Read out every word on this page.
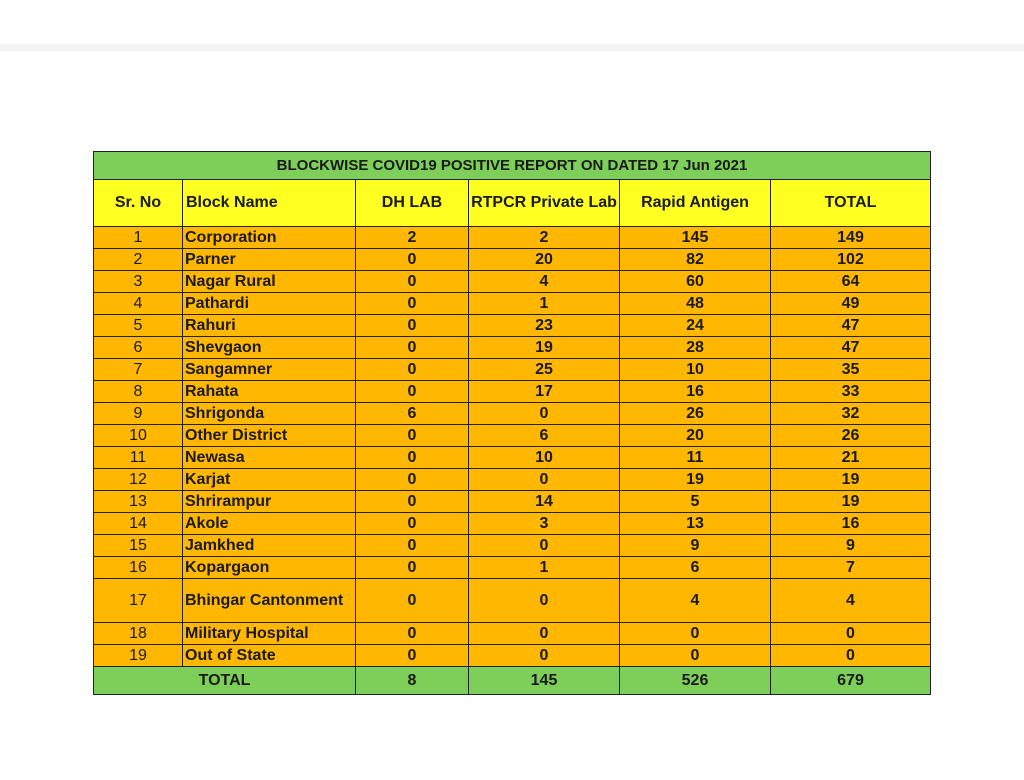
BLOCKWISE COVID19 POSITIVE REPORT ON DATED 17 Jun 2021					
Sr. No	Block Name	DH LAB	RTPCR Private Lab	Rapid Antigen	TOTAL
1	Corporation	2	2	145	149
2	Parner	0	20	82	102
3	Nagar Rural	0	4	60	64
4	Pathardi	0	1	48	49
5	Rahuri	0	23	24	47
6	Shevgaon	0	19	28	47
7	Sangamner	0	25	10	35
8	Rahata	0	17	16	33
9	Shrigonda	6	0	26	32
10	Other District	0	6	20	26
11	Newasa	0	10	11	21
12	Karjat	0	0	19	19
13	Shrirampur	0	14	5	19
14	Akole	0	3	13	16
15	Jamkhed	0	0	9	9
16	Kopargaon	0	1	6	7
17	Bhingar Cantonment	0	0	4	4
18	Military Hospital	0	0	0	0
19	Out of State	0	0	0	0
TOTAL		8	145	526	679
